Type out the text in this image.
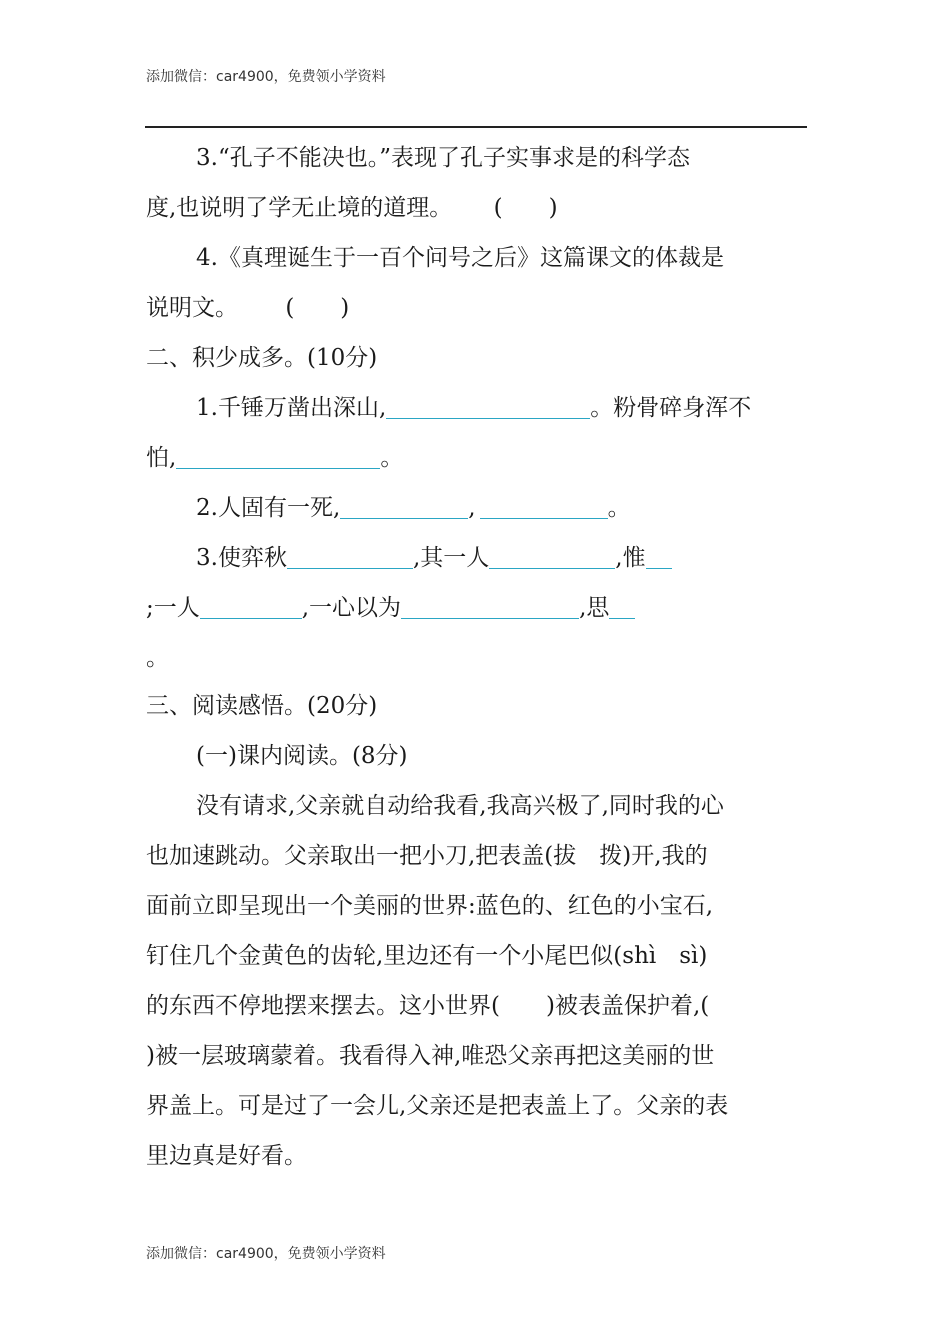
添加微信：car4900，免费领小学资料
3.“孔子不能决也。”表现了孔子实事求是的科学态
度,也说明了学无止境的道理。 (　　)
4.《真理诞生于一百个问号之后》这篇课文的体裁是
说明文。 (　　)
二、积少成多。(10分)
1.千锤万凿出深山,	。粉骨碎身浑不
怕,	。
2.人固有一死,	,	。
3.使弈秋	,其一人	,惟
;一人	,一心以为	,思
。
三、阅读感悟。(20分)
(一)课内阅读。(8分)
没有请求,父亲就自动给我看,我高兴极了,同时我的心
也加速跳动。父亲取出一把小刀,把表盖(拔　拨)开,我的
面前立即呈现出一个美丽的世界:蓝色的、红色的小宝石,
钉住几个金黄色的齿轮,里边还有一个小尾巴似(shì　sì)
的东西不停地摆来摆去。这小世界(　　)被表盖保护着,(
)被一层玻璃蒙着。我看得入神,唯恐父亲再把这美丽的世
界盖上。可是过了一会儿,父亲还是把表盖上了。父亲的表
里边真是好看。
添加微信：car4900，免费领小学资料
